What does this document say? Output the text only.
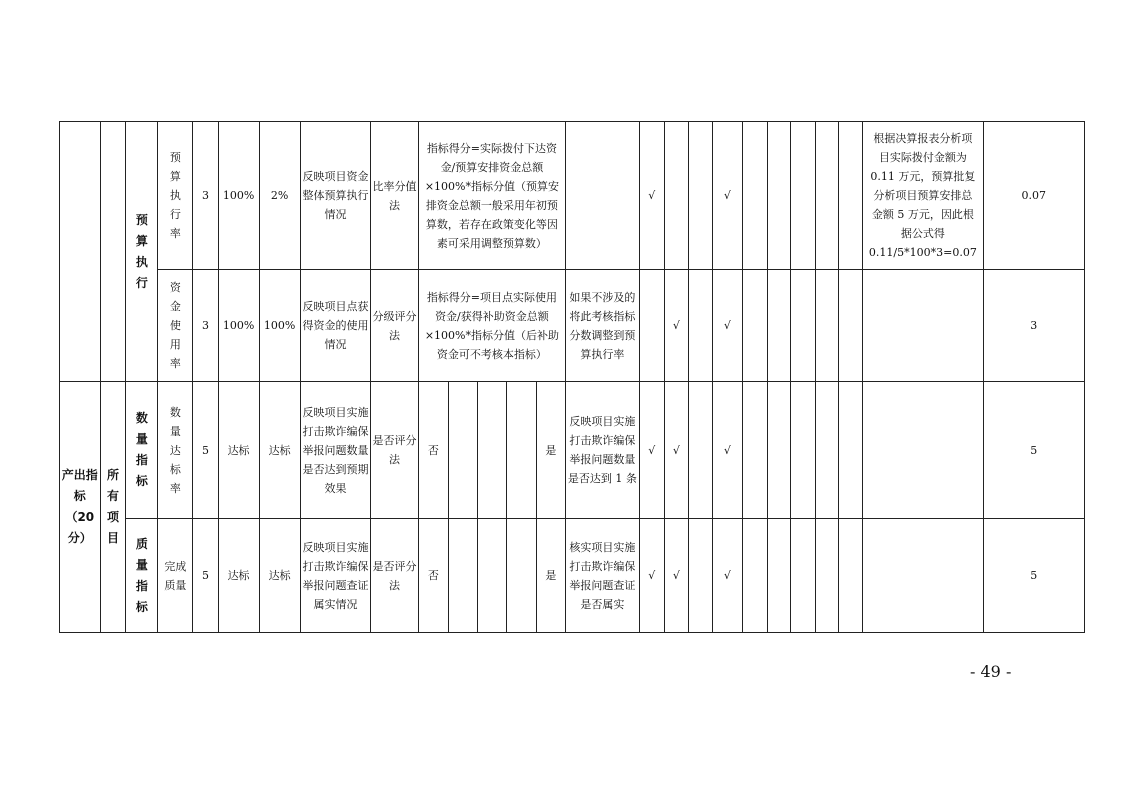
		预算执行	预算执行率	3	100%	2%	反映项目资金整体预算执行情况	比率分值法	指标得分=实际拨付下达资金/预算安排资金总额×100%*指标分值（预算安排资金总额一般采用年初预算数，若存在政策变化等因素可采用调整预算数）						√			√						根据决算报表分析项目实际拨付金额为 0.11 万元，预算批复分析项目预算安排总金额 5 万元，因此根据公式得 0.11/5*100*3=0.07	0.07

			资金使用率	3	100%	100%	反映项目点获得资金的使用情况	分级评分法	指标得分=项目点实际使用资金/获得补助资金总额×100%*指标分值（后补助资金可不考核本指标）					如果不涉及的将此考核指标分数调整到预算执行率		√		√							3

产出指标（20分）	所有项目	数量指标	数量达标率	5	达标	达标	反映项目实施打击欺诈编保举报问题数量是否达到预期效果	是否评分法	否				是	反映项目实施打击欺诈编保举报问题数量是否达到 1 条	√	√		√							5

		质量指标	完成质量	5	达标	达标	反映项目实施打击欺诈编保举报问题查证属实情况	是否评分法	否				是	核实项目实施打击欺诈编保举报问题查证是否属实	√	√		√							5
- 49 -
